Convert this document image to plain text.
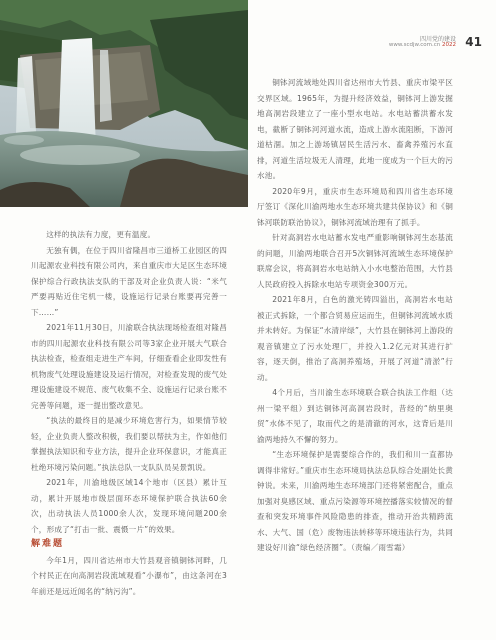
四川党的建设
www.scdjw.com.cn 2022 41

这样的执法有力度，更有温度。

无独有偶，在位于四川省隆昌市三道桥工业园区的四川起源农业科技有限公司内，来自重庆市大足区生态环境保护综合行政执法支队的干部及对企业负责人说：“米气严要再贴近住宅机一楼，设施运行记录台账要再完善一下……”

2021年11月30日，川渝联合执法现场检查组对隆昌市的四川起源农业科技有限公司等3家企业开展大气联合执法检查，检查组走进生产车间，仔细查看企业即发性有机物废气处理设施建设及运行情况，对检查发现的废气处理设施建设不规范、废气收集不全、设施运行记录台账不完善等问题，逐一提出整改意见。

“执法的最终目的是减少环境危害行为，如果情节较轻，企业负责人整改积极，我们要以帮扶为主，作如他们掌握执法知识和专业方法，提升企业环保意识，才能真正杜绝环境污染问题。”执法总队一支队队员吴景凯说。

2021年，川渝地级区域14个地市（区县）累计互动，累计开展地市级层面环态环境保护联合执法60余次，出动执法人员1000余人次，发现环境问题200余个，形成了“打击一批、震慑一片”的效果。

解难题

今年1月，四川省达州市大竹县观音镇铜钵河畔，几个村民正在向高洞岩段流域观看“小瀑布”，由这条河在3年前还是远近闻名的“纳污沟”。

铜钵河流域地处四川省达州市大竹县、重庆市梁平区交界区域。1965年，为提升经济效益，铜钵河上游发掘地高洞岩段建立了一座小型水电站。水电站蓄洪蓄水发电，截断了铜钵河河道水流，造成上游水流阻断，下游河道枯涸。加之上游场镇居民生活污水、畜禽养殖污水直排，河道生活垃圾无人清理，此地一度成为一个巨大的污水池。

2020年9月，重庆市生态环境局和四川省生态环境厅签订《深化川渝两地水生态环境共建共保协议》和《铜钵河联防联治协议》，铜钵河流域治理有了抓手。

针对高洞岩水电站蓄水发电严重影响铜钵河生态基流的问题，川渝两地联合召开5次铜钵河流域生态环境保护联席会议，将高洞岩水电站纳入小水电整治范围，大竹县人民政府投入拆除水电站专项资金300万元。

2021年8月，白色的激光铸四溢出，高洞岩水电站被正式拆除，一个都合贸易应运而生，但铜钵河流域水质并未转好。为保证“水清岸绿”，大竹县在铜钵河上游段的观音镇建立了污水处理厂，并投入1.2亿元对其进行扩容，逐天倒，推治了高洞养殖场，开展了河道“清淤”行动。

4个月后，当川渝生态环境联合联合执法工作组（达州一梁平组）到达铜钵河高洞岩段时，昔经的“纳里奥贸”水体不见了，取而代之的是清澈的河水，这背后是川渝两地持久不懈的努力。

“生态环境保护是需要综合作的，我们和川一直都协调得非常好。”重庆市生态环境局执法总队综合处副处长黄钟说。未来，川渝两地生态环境部门还将紧密配合，重点加强对臭感区域、重点污染源等环境控播落实较情况的督查和突发环境事件风险隐患的排查，推动开治共精跨流水、大气、国（危）废物违法转移等环境违法行为，共同建设好川渝“绿色经济圈”。（责编／雨雪霜）
